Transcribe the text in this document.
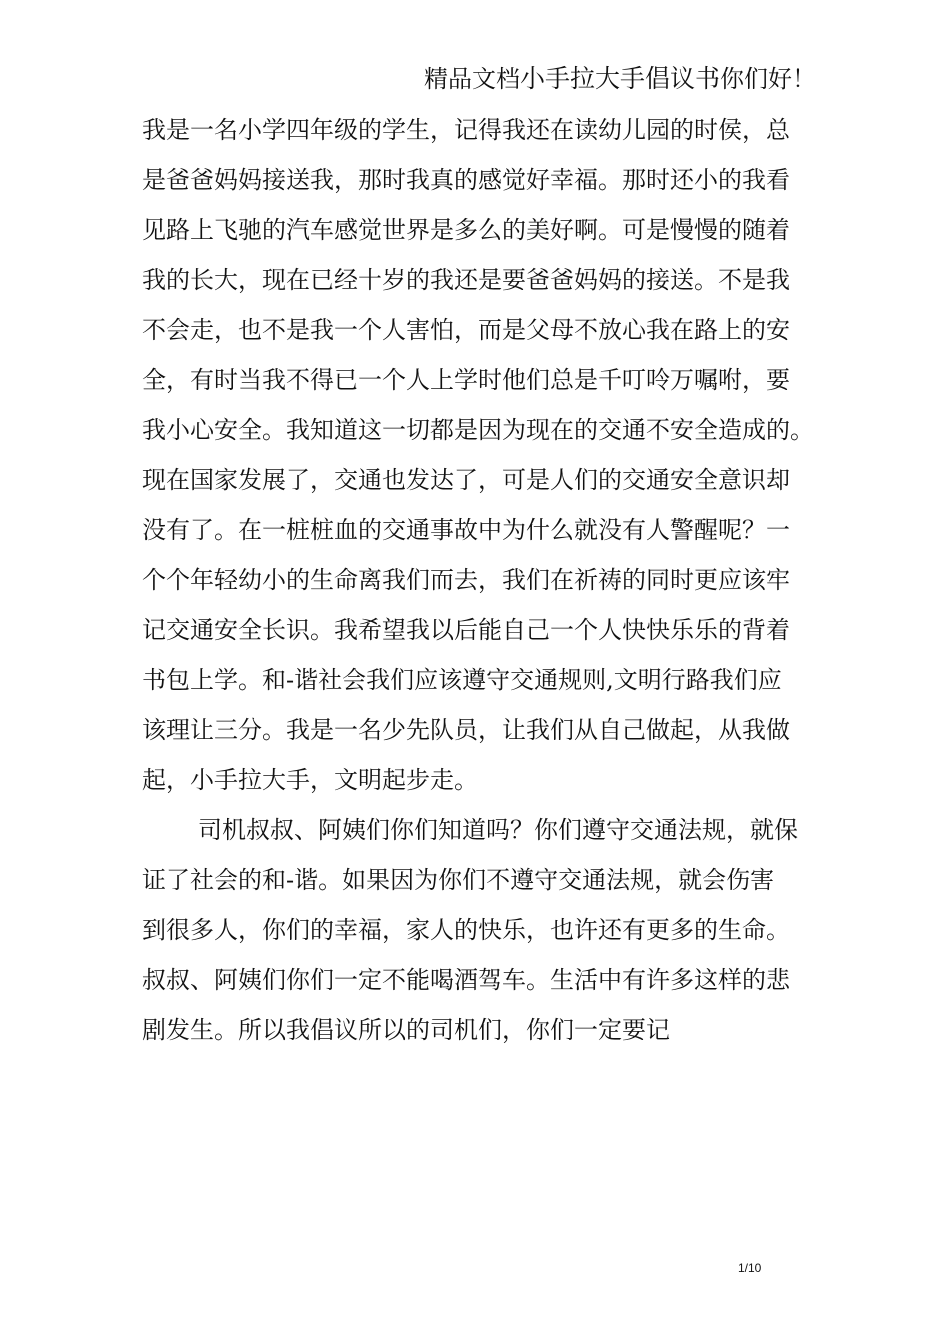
精品文档小手拉大手倡议书你们好！
我是一名小学四年级的学生，记得我还在读幼儿园的时侯，总
是爸爸妈妈接送我，那时我真的感觉好幸福。那时还小的我看
见路上飞驰的汽车感觉世界是多么的美好啊。可是慢慢的随着
我的长大，现在已经十岁的我还是要爸爸妈妈的接送。不是我
不会走，也不是我一个人害怕，而是父母不放心我在路上的安
全，有时当我不得已一个人上学时他们总是千叮呤万嘱咐，要
我小心安全。我知道这一切都是因为现在的交通不安全造成的。
现在国家发展了，交通也发达了，可是人们的交通安全意识却
没有了。在一桩桩血的交通事故中为什么就没有人警醒呢？一
个个年轻幼小的生命离我们而去，我们在祈祷的同时更应该牢
记交通安全长识。我希望我以后能自己一个人快快乐乐的背着
书包上学。和-谐社会我们应该遵守交通规则,文明行路我们应
该理让三分。我是一名少先队员，让我们从自己做起，从我做
起，小手拉大手，文明起步走。
司机叔叔、阿姨们你们知道吗？你们遵守交通法规，就保
证了社会的和-谐。如果因为你们不遵守交通法规，就会伤害
到很多人，你们的幸福，家人的快乐，也许还有更多的生命。
叔叔、阿姨们你们一定不能喝酒驾车。生活中有许多这样的悲
剧发生。所以我倡议所以的司机们，你们一定要记
1/10
